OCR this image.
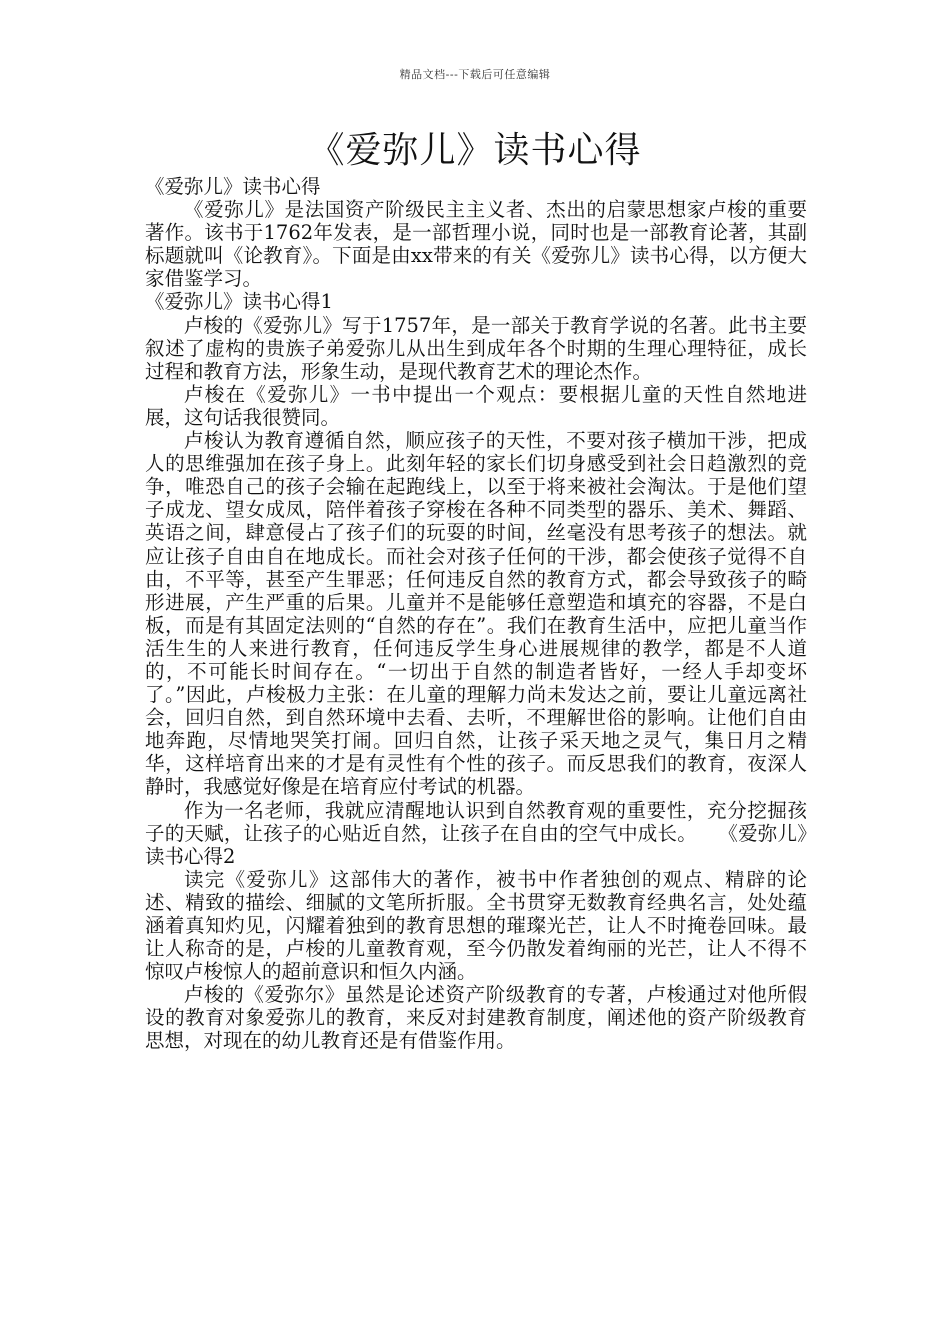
精品文档---下载后可任意编辑
《爱弥儿》读书心得

《爱弥儿》读书心得

《爱弥儿》是法国资产阶级民主主义者、杰出的启蒙思想家卢梭的重要著作。该书于1762年发表，是一部哲理小说，同时也是一部教育论著，其副标题就叫《论教育》。下面是由xx带来的有关《爱弥儿》读书心得，以方便大家借鉴学习。

《爱弥儿》读书心得1

卢梭的《爱弥儿》写于1757年，是一部关于教育学说的名著。此书主要叙述了虚构的贵族子弟爱弥儿从出生到成年各个时期的生理心理特征，成长过程和教育方法，形象生动，是现代教育艺术的理论杰作。

卢梭在《爱弥儿》一书中提出一个观点：要根据儿童的天性自然地进展，这句话我很赞同。

卢梭认为教育遵循自然，顺应孩子的天性，不要对孩子横加干涉，把成人的思维强加在孩子身上。此刻年轻的家长们切身感受到社会日趋激烈的竞争，唯恐自己的孩子会输在起跑线上，以至于将来被社会淘汰。于是他们望子成龙、望女成凤，陪伴着孩子穿梭在各种不同类型的器乐、美术、舞蹈、英语之间，肆意侵占了孩子们的玩耍的时间，丝毫没有思考孩子的想法。就应让孩子自由自在地成长。而社会对孩子任何的干涉，都会使孩子觉得不自由，不平等，甚至产生罪恶；任何违反自然的教育方式，都会导致孩子的畸形进展，产生严重的后果。儿童并不是能够任意塑造和填充的容器，不是白板，而是有其固定法则的“自然的存在”。我们在教育生活中，应把儿童当作活生生的人来进行教育，任何违反学生身心进展规律的教学，都是不人道的，不可能长时间存在。“一切出于自然的制造者皆好，一经人手却变坏了。”因此，卢梭极力主张：在儿童的理解力尚未发达之前，要让儿童远离社会，回归自然，到自然环境中去看、去听，不理解世俗的影响。让他们自由地奔跑，尽情地哭笑打闹。回归自然，让孩子采天地之灵气，集日月之精华，这样培育出来的才是有灵性有个性的孩子。而反思我们的教育，夜深人静时，我感觉好像是在培育应付考试的机器。

作为一名老师，我就应清醒地认识到自然教育观的重要性，充分挖掘孩子的天赋，让孩子的心贴近自然，让孩子在自由的空气中成长。 《爱弥儿》读书心得2

读完《爱弥儿》这部伟大的著作，被书中作者独创的观点、精辟的论述、精致的描绘、细腻的文笔所折服。全书贯穿无数教育经典名言，处处蕴涵着真知灼见，闪耀着独到的教育思想的璀璨光芒，让人不时掩卷回味。最让人称奇的是，卢梭的儿童教育观，至今仍散发着绚丽的光芒，让人不得不惊叹卢梭惊人的超前意识和恒久内涵。

卢梭的《爱弥尔》虽然是论述资产阶级教育的专著，卢梭通过对他所假设的教育对象爱弥儿的教育，来反对封建教育制度，阐述他的资产阶级教育思想，对现在的幼儿教育还是有借鉴作用。
